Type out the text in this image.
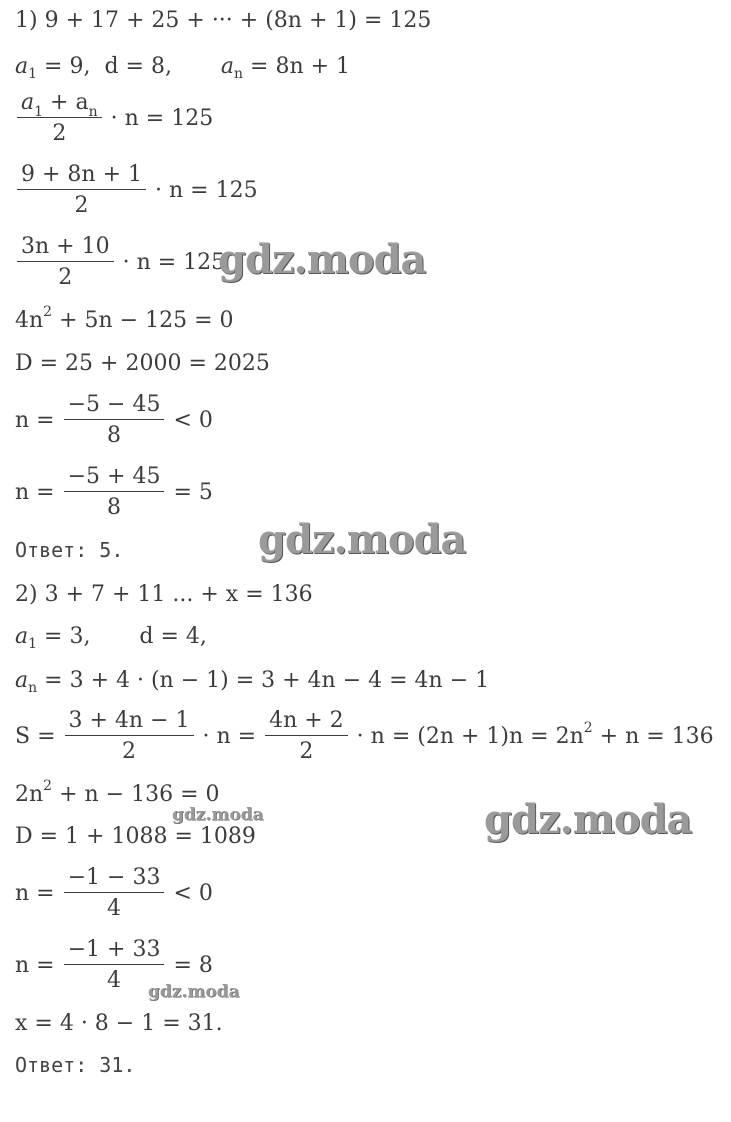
1) 9 + 17 + 25 + ··· + (8n + 1) = 125
a 1 = 9,  d = 8, a n = 8n + 1
$\frac{a_1 + a_n}{2} \cdot n = 125$
$\frac{9 + 8n + 1}{2} \cdot n = 125$
$\frac{3n + 10}{2} \cdot n = 125$
4n 2 + 5n − 125 = 0
D = 25 + 2000 = 2025
$n = \frac{-5 - 45}{8} < 0$
$n = \frac{-5 + 45}{8} = 5$
Ответ: 5.
2) 3 + 7 + 11 ... + x = 136
a 1 = 3,       d = 4,
a n = 3 + 4 · (n − 1) = 3 + 4n − 4 = 4n − 1
$S = \frac{3 + 4n - 1}{2} \cdot n = \frac{4n + 2}{2} \cdot n = (2n + 1)n = 2n$ 2 + n = 136
2n 2 + n − 136 = 0
D = 1 + 1088 = 1089
$n = \frac{-1 - 33}{4} < 0$
$n = \frac{-1 + 33}{4} = 8$
x = 4 · 8 − 1 = 31.
Ответ: 31.
gdz.moda
gdz.moda
gdz.moda
gdz.moda
gdz.moda
